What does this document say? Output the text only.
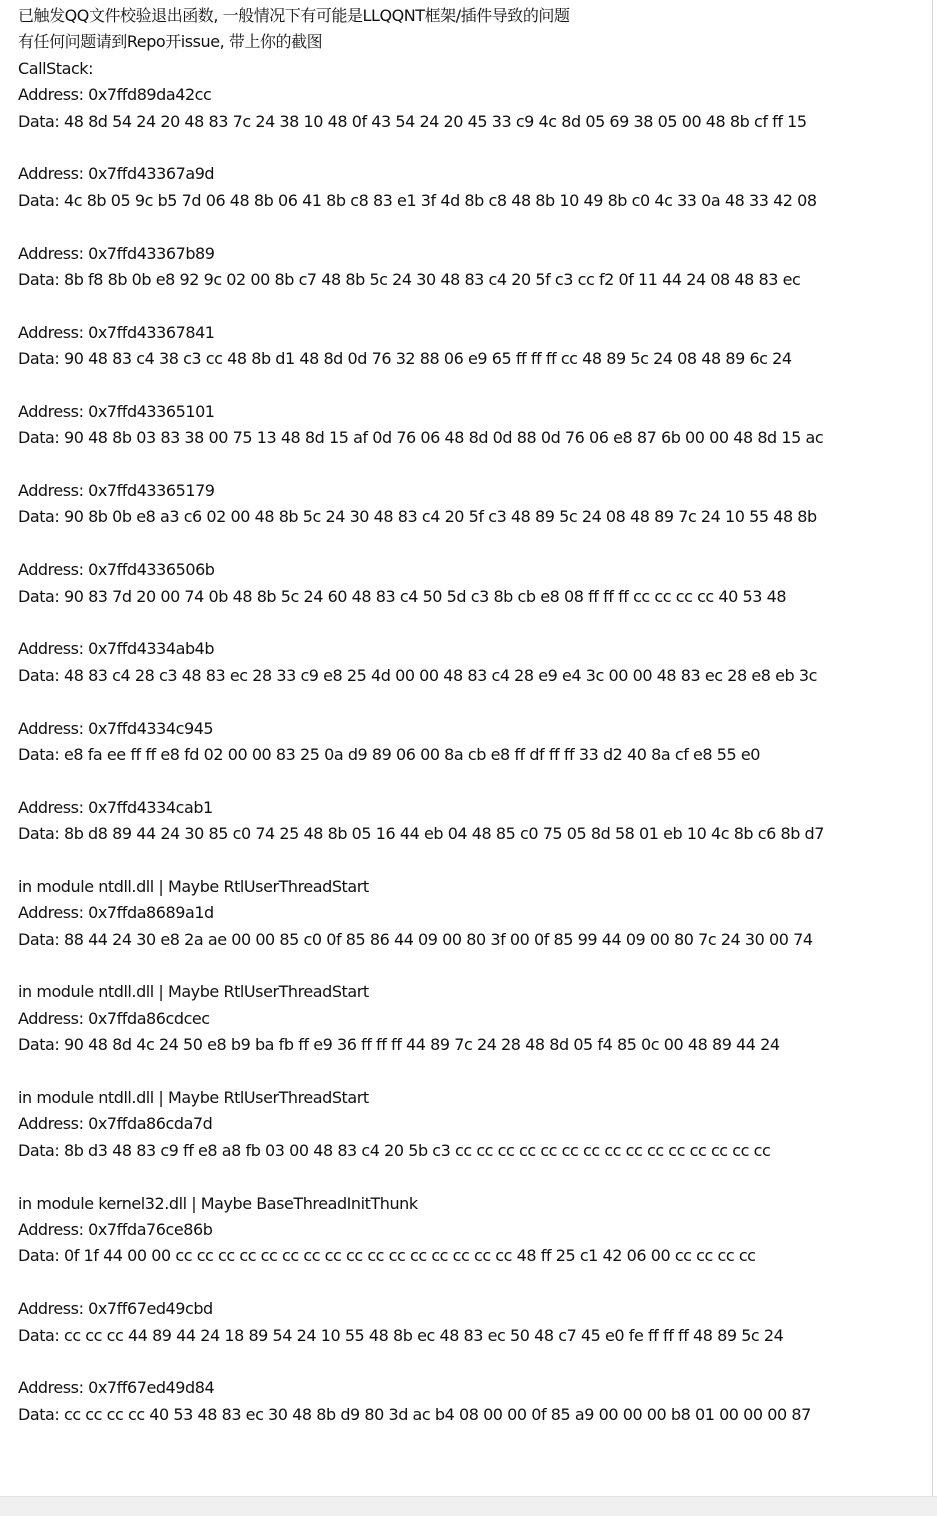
已触发QQ文件校验退出函数, 一般情况下有可能是LLQQNT框架/插件导致的问题
有任何问题请到Repo开issue, 带上你的截图
CallStack:
Address: 0x7ffd89da42cc
Data: 48 8d 54 24 20 48 83 7c 24 38 10 48 0f 43 54 24 20 45 33 c9 4c 8d 05 69 38 05 00 48 8b cf ff 15
Address: 0x7ffd43367a9d
Data: 4c 8b 05 9c b5 7d 06 48 8b 06 41 8b c8 83 e1 3f 4d 8b c8 48 8b 10 49 8b c0 4c 33 0a 48 33 42 08
Address: 0x7ffd43367b89
Data: 8b f8 8b 0b e8 92 9c 02 00 8b c7 48 8b 5c 24 30 48 83 c4 20 5f c3 cc f2 0f 11 44 24 08 48 83 ec
Address: 0x7ffd43367841
Data: 90 48 83 c4 38 c3 cc 48 8b d1 48 8d 0d 76 32 88 06 e9 65 ff ff ff cc 48 89 5c 24 08 48 89 6c 24
Address: 0x7ffd43365101
Data: 90 48 8b 03 83 38 00 75 13 48 8d 15 af 0d 76 06 48 8d 0d 88 0d 76 06 e8 87 6b 00 00 48 8d 15 ac
Address: 0x7ffd43365179
Data: 90 8b 0b e8 a3 c6 02 00 48 8b 5c 24 30 48 83 c4 20 5f c3 48 89 5c 24 08 48 89 7c 24 10 55 48 8b
Address: 0x7ffd4336506b
Data: 90 83 7d 20 00 74 0b 48 8b 5c 24 60 48 83 c4 50 5d c3 8b cb e8 08 ff ff ff cc cc cc cc 40 53 48
Address: 0x7ffd4334ab4b
Data: 48 83 c4 28 c3 48 83 ec 28 33 c9 e8 25 4d 00 00 48 83 c4 28 e9 e4 3c 00 00 48 83 ec 28 e8 eb 3c
Address: 0x7ffd4334c945
Data: e8 fa ee ff ff e8 fd 02 00 00 83 25 0a d9 89 06 00 8a cb e8 ff df ff ff 33 d2 40 8a cf e8 55 e0
Address: 0x7ffd4334cab1
Data: 8b d8 89 44 24 30 85 c0 74 25 48 8b 05 16 44 eb 04 48 85 c0 75 05 8d 58 01 eb 10 4c 8b c6 8b d7
in module ntdll.dll | Maybe RtlUserThreadStart
Address: 0x7ffda8689a1d
Data: 88 44 24 30 e8 2a ae 00 00 85 c0 0f 85 86 44 09 00 80 3f 00 0f 85 99 44 09 00 80 7c 24 30 00 74
in module ntdll.dll | Maybe RtlUserThreadStart
Address: 0x7ffda86cdcec
Data: 90 48 8d 4c 24 50 e8 b9 ba fb ff e9 36 ff ff ff 44 89 7c 24 28 48 8d 05 f4 85 0c 00 48 89 44 24
in module ntdll.dll | Maybe RtlUserThreadStart
Address: 0x7ffda86cda7d
Data: 8b d3 48 83 c9 ff e8 a8 fb 03 00 48 83 c4 20 5b c3 cc cc cc cc cc cc cc cc cc cc cc cc cc cc cc
in module kernel32.dll | Maybe BaseThreadInitThunk
Address: 0x7ffda76ce86b
Data: 0f 1f 44 00 00 cc cc cc cc cc cc cc cc cc cc cc cc cc cc cc cc 48 ff 25 c1 42 06 00 cc cc cc cc
Address: 0x7ff67ed49cbd
Data: cc cc cc 44 89 44 24 18 89 54 24 10 55 48 8b ec 48 83 ec 50 48 c7 45 e0 fe ff ff ff 48 89 5c 24
Address: 0x7ff67ed49d84
Data: cc cc cc cc 40 53 48 83 ec 30 48 8b d9 80 3d ac b4 08 00 00 0f 85 a9 00 00 00 b8 01 00 00 00 87
